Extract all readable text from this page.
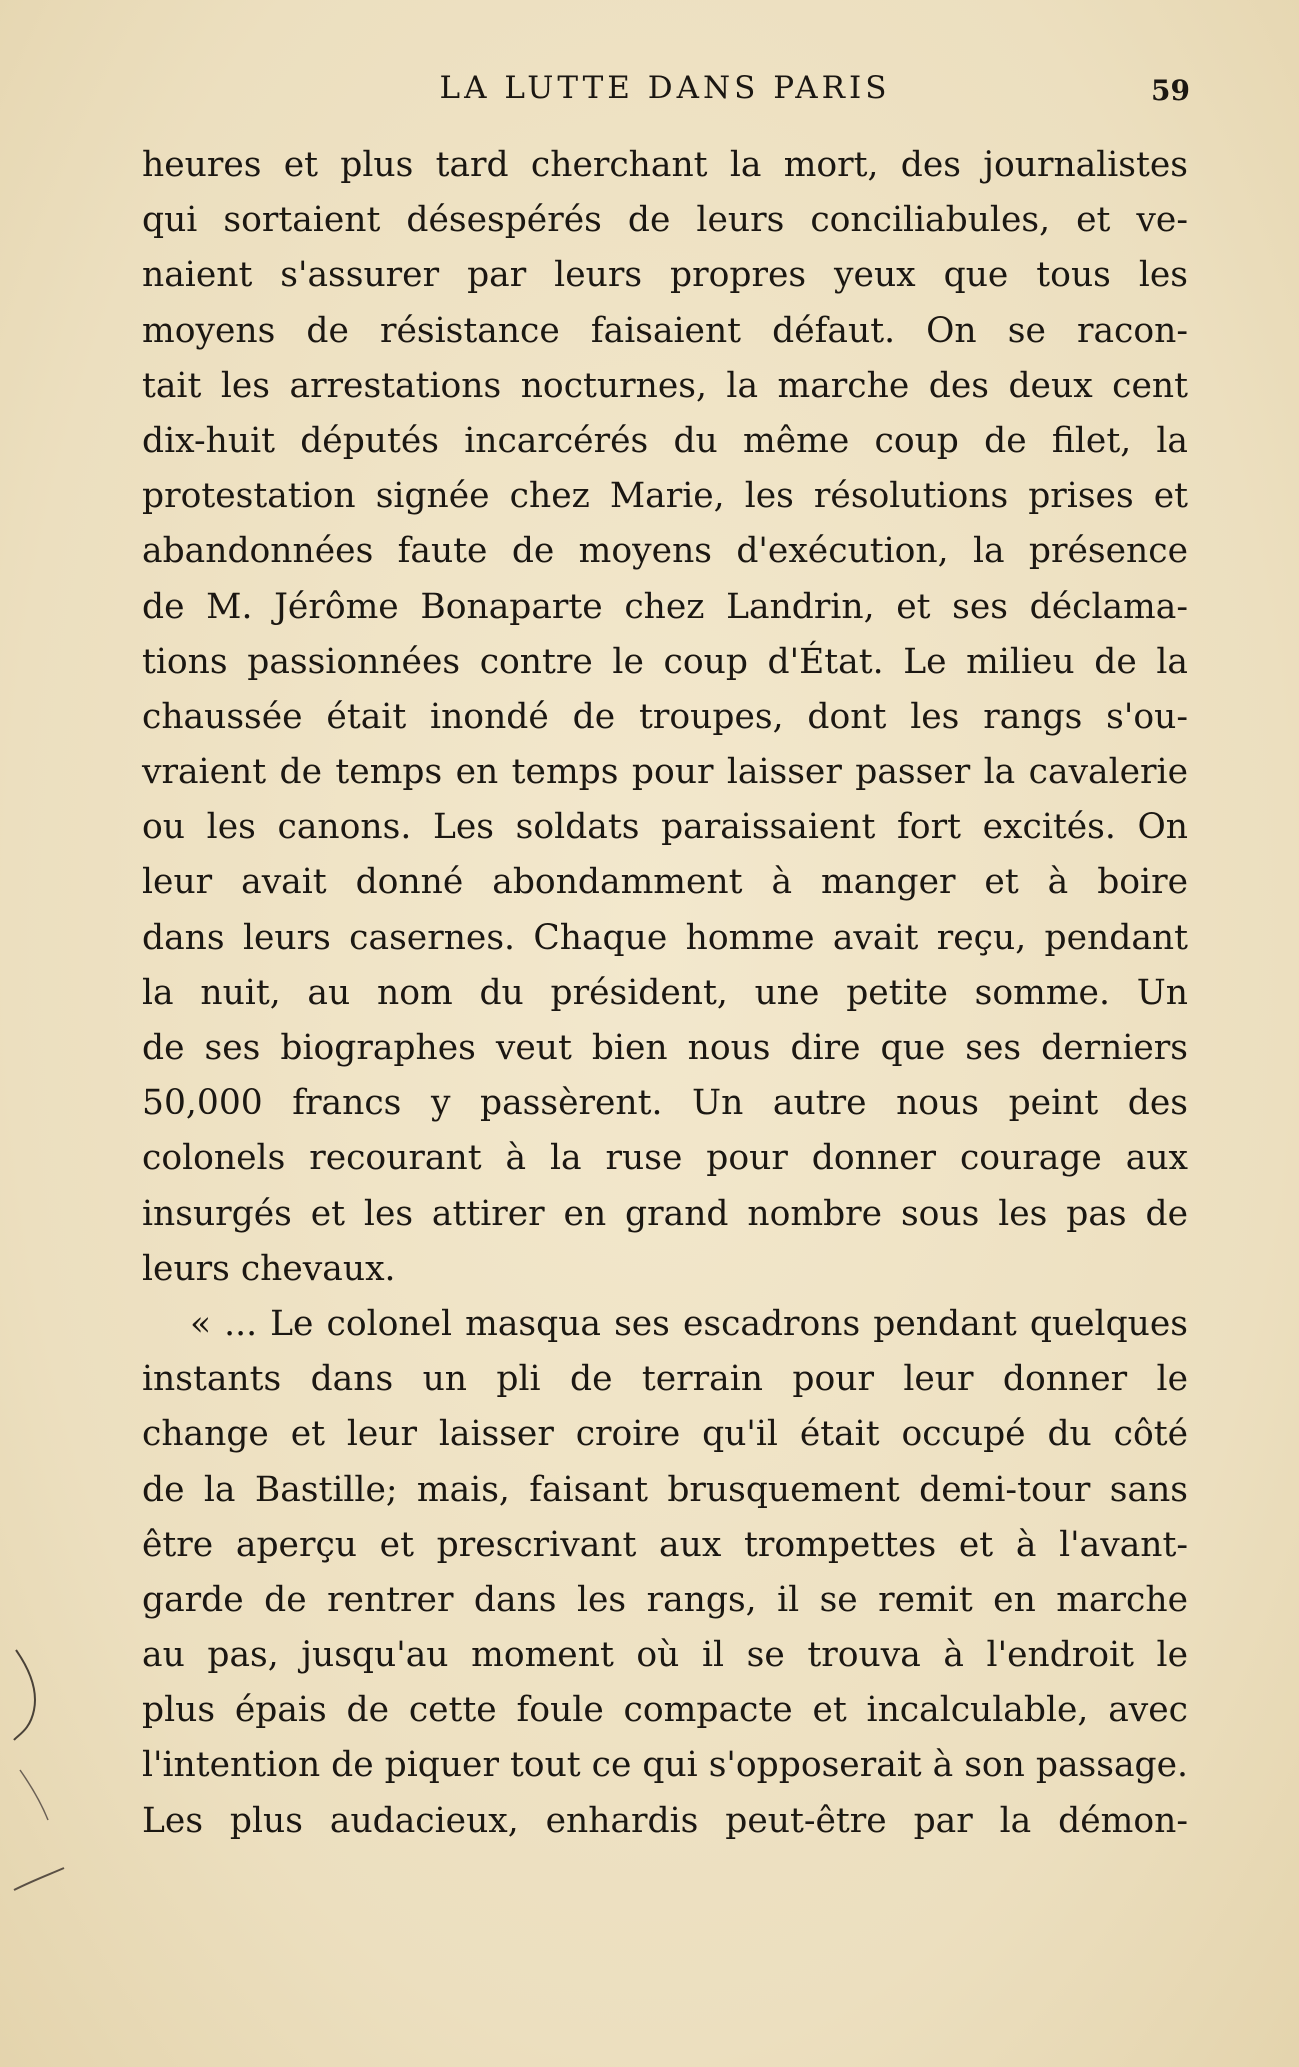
LA LUTTE DANS PARIS	59
heures et plus tard cherchant la mort, des journalistes
qui sortaient désespérés de leurs conciliabules, et ve-
naient s'assurer par leurs propres yeux que tous les
moyens de résistance faisaient défaut. On se racon-
tait les arrestations nocturnes, la marche des deux cent
dix-huit députés incarcérés du même coup de filet, la
protestation signée chez Marie, les résolutions prises et
abandonnées faute de moyens d'exécution, la présence
de M. Jérôme Bonaparte chez Landrin, et ses déclama-
tions passionnées contre le coup d'État. Le milieu de la
chaussée était inondé de troupes, dont les rangs s'ou-
vraient de temps en temps pour laisser passer la cavalerie
ou les canons. Les soldats paraissaient fort excités. On
leur avait donné abondamment à manger et à boire
dans leurs casernes. Chaque homme avait reçu, pendant
la nuit, au nom du président, une petite somme. Un
de ses biographes veut bien nous dire que ses derniers
50,000 francs y passèrent. Un autre nous peint des
colonels recourant à la ruse pour donner courage aux
insurgés et les attirer en grand nombre sous les pas de
leurs chevaux.
« ... Le colonel masqua ses escadrons pendant quelques
instants dans un pli de terrain pour leur donner le
change et leur laisser croire qu'il était occupé du côté
de la Bastille; mais, faisant brusquement demi-tour sans
être aperçu et prescrivant aux trompettes et à l'avant-
garde de rentrer dans les rangs, il se remit en marche
au pas, jusqu'au moment où il se trouva à l'endroit le
plus épais de cette foule compacte et incalculable, avec
l'intention de piquer tout ce qui s'opposerait à son passage.
Les plus audacieux, enhardis peut-être par la démon-
